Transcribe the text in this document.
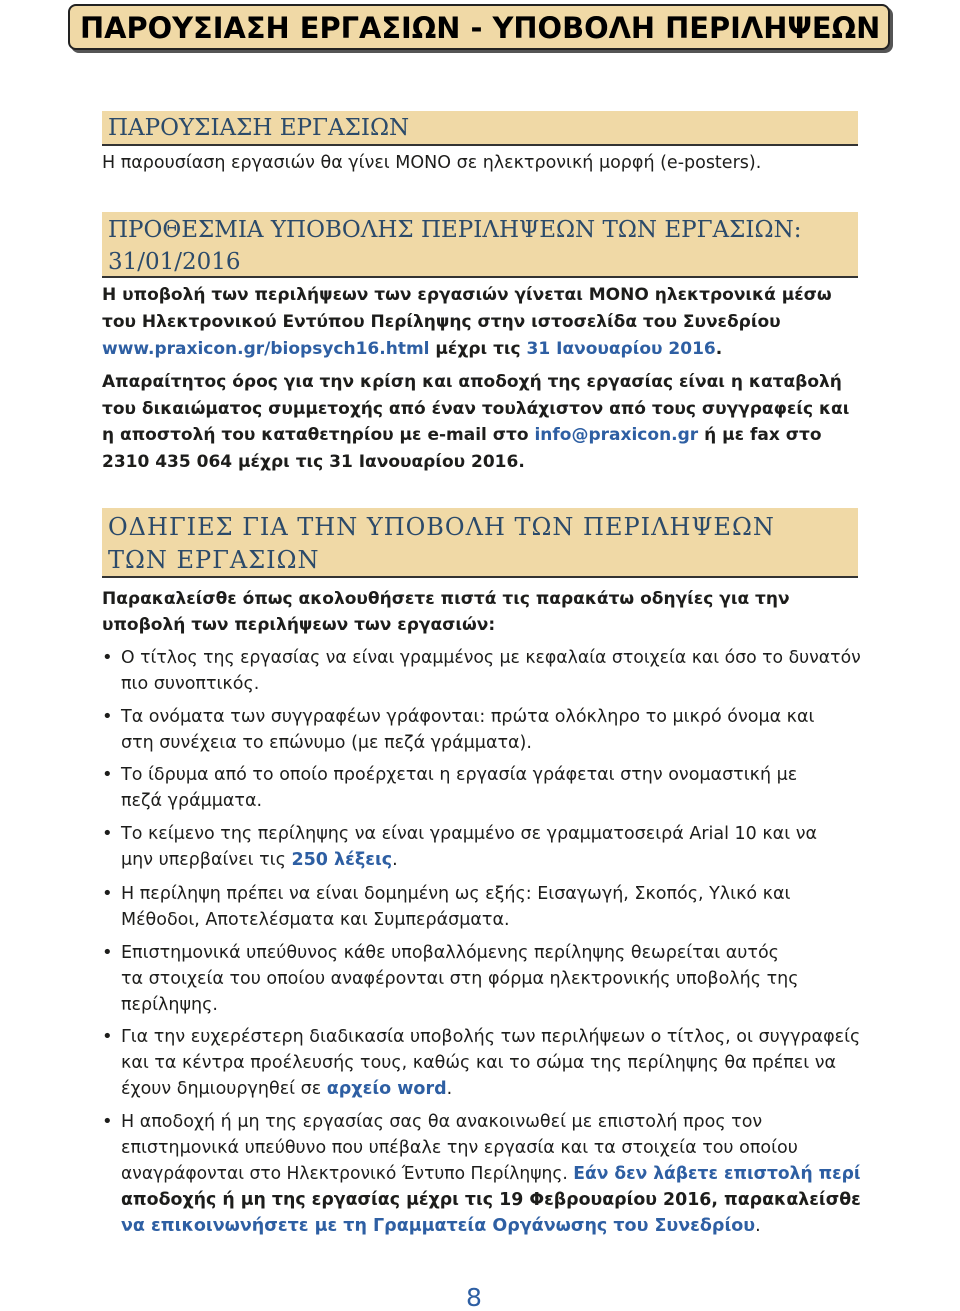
ΠΑΡΟΥΣΙΑΣΗ ΕΡΓΑΣΙΩΝ - ΥΠΟΒΟΛΗ ΠΕΡΙΛΗΨΕΩΝ
ΠΑΡΟΥΣΙΑΣΗ ΕΡΓΑΣΙΩΝ
Η παρουσίαση εργασιών θα γίνει ΜΟΝΟ σε ηλεκτρονική μορφή (e-posters).
ΠΡΟΘΕΣΜΙΑ ΥΠΟΒΟΛΗΣ ΠΕΡΙΛΗΨΕΩΝ ΤΩΝ ΕΡΓΑΣΙΩΝ:
31/01/2016
Η υποβολή των περιλήψεων των εργασιών γίνεται ΜΟΝΟ ηλεκτρονικά μέσω
του Ηλεκτρονικού Εντύπου Περίληψης στην ιστοσελίδα του Συνεδρίου
www.praxicon.gr/biopsych16.html μέχρι τις 31 Ιανουαρίου 2016.
Απαραίτητος όρος για την κρίση και αποδοχή της εργασίας είναι η καταβολή
του δικαιώματος συμμετοχής από έναν τουλάχιστον από τους συγγραφείς και
η αποστολή του καταθετηρίου με e-mail στο info@praxicon.gr ή με fax στο
2310 435 064 μέχρι τις 31 Ιανουαρίου 2016.
ΟΔΗΓΙΕΣ ΓΙΑ ΤΗΝ ΥΠΟΒΟΛΗ ΤΩΝ ΠΕΡΙΛΗΨΕΩΝ
ΤΩΝ ΕΡΓΑΣΙΩΝ
Παρακαλείσθε όπως ακολουθήσετε πιστά τις παρακάτω οδηγίες για την
υποβολή των περιλήψεων των εργασιών:
• Ο τίτλος της εργασίας να είναι γραμμένος με κεφαλαία στοιχεία και όσο το δυνατόν
πιο συνοπτικός.
• Τα ονόματα των συγγραφέων γράφονται: πρώτα ολόκληρο το μικρό όνομα και
στη συνέχεια το επώνυμο (με πεζά γράμματα).
• Το ίδρυμα από το οποίο προέρχεται η εργασία γράφεται στην ονομαστική με
πεζά γράμματα.
• Το κείμενο της περίληψης να είναι γραμμένο σε γραμματοσειρά Arial 10 και να
μην υπερβαίνει τις 250 λέξεις.
• Η περίληψη πρέπει να είναι δομημένη ως εξής: Εισαγωγή, Σκοπός, Υλικό και
Μέθοδοι, Αποτελέσματα και Συμπεράσματα.
• Επιστημονικά υπεύθυνος κάθε υποβαλλόμενης περίληψης θεωρείται αυτός
τα στοιχεία του οποίου αναφέρονται στη φόρμα ηλεκτρονικής υποβολής της
περίληψης.
• Για την ευχερέστερη διαδικασία υποβολής των περιλήψεων ο τίτλος, οι συγγραφείς
και τα κέντρα προέλευσής τους, καθώς και το σώμα της περίληψης θα πρέπει να
έχουν δημιουργηθεί σε αρχείο word.
• Η αποδοχή ή μη της εργασίας σας θα ανακοινωθεί με επιστολή προς τον
επιστημονικά υπεύθυνο που υπέβαλε την εργασία και τα στοιχεία του οποίου
αναγράφονται στο Ηλεκτρονικό Έντυπο Περίληψης. Εάν δεν λάβετε επιστολή περί
αποδοχής ή μη της εργασίας μέχρι τις 19 Φεβρουαρίου 2016, παρακαλείσθε
να επικοινωνήσετε με τη Γραμματεία Οργάνωσης του Συνεδρίου.
8
